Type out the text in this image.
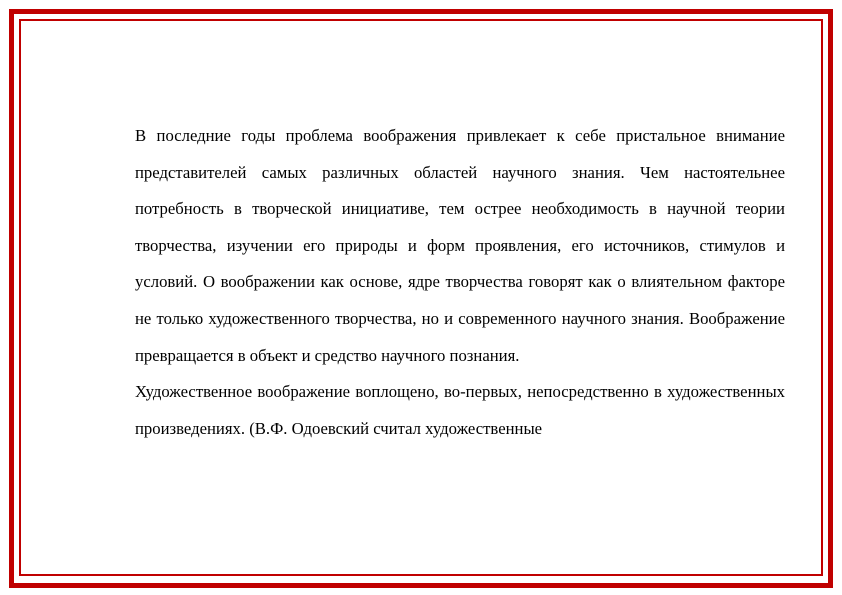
В последние годы проблема воображения привлекает к себе пристальное внимание представителей самых различных областей научного знания. Чем настоятельнее потребность в творческой инициативе, тем острее необходимость в научной теории творчества, изучении его природы и форм проявления, его источников, стимулов и условий. О воображении как основе, ядре творчества говорят как о влиятельном факторе не только художественного творчества, но и современного научного знания. Воображение превращается в объект и средство научного познания.

Художественное воображение воплощено, во-первых, непосредственно в художественных произведениях. (В.Ф. Одоевский считал художественные
